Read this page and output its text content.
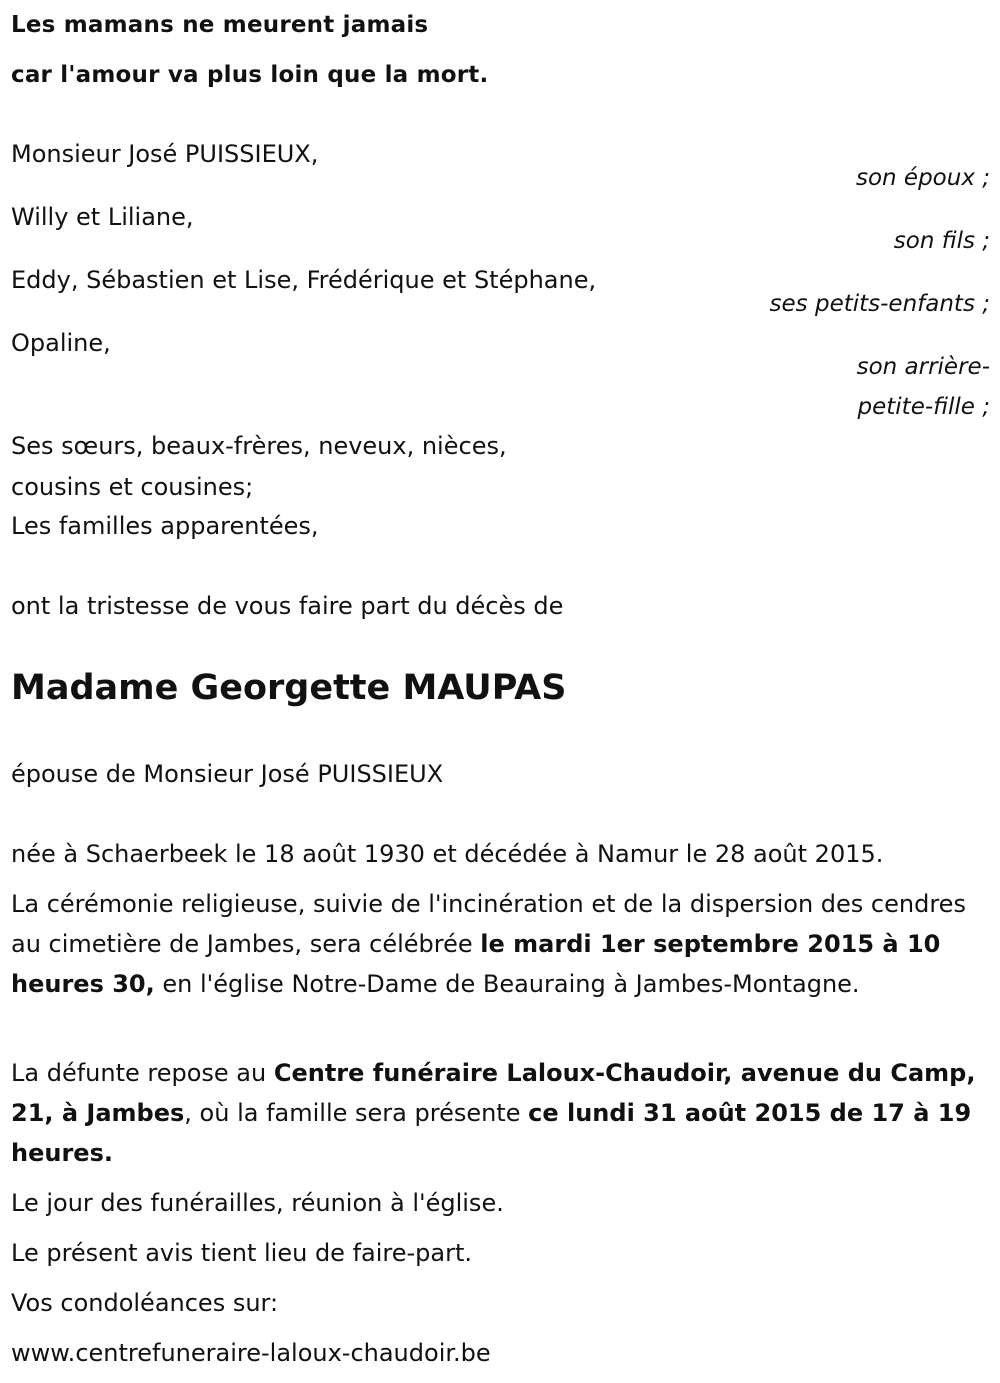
Les mamans ne meurent jamais
car l'amour va plus loin que la mort.
Monsieur José PUISSIEUX,
son époux ;
Willy et Liliane,
son fils ;
Eddy, Sébastien et Lise, Frédérique et Stéphane,
ses petits-enfants ;
Opaline,
son arrière-
petite-fille ;
Ses sœurs, beaux-frères, neveux, nièces,
cousins et cousines;
Les familles apparentées,
ont la tristesse de vous faire part du décès de
Madame Georgette MAUPAS
épouse de Monsieur José PUISSIEUX
née à Schaerbeek le 18 août 1930 et décédée à Namur le 28 août 2015.
La cérémonie religieuse, suivie de l'incinération et de la dispersion des cendres au cimetière de Jambes, sera célébrée le mardi 1er septembre 2015 à 10 heures 30, en l'église Notre-Dame de Beauraing à Jambes-Montagne.
La défunte repose au Centre funéraire Laloux-Chaudoir, avenue du Camp, 21, à Jambes, où la famille sera présente ce lundi 31 août 2015 de 17 à 19 heures.
Le jour des funérailles, réunion à l'église.
Le présent avis tient lieu de faire-part.
Vos condoléances sur:
www.centrefuneraire-laloux-chaudoir.be
